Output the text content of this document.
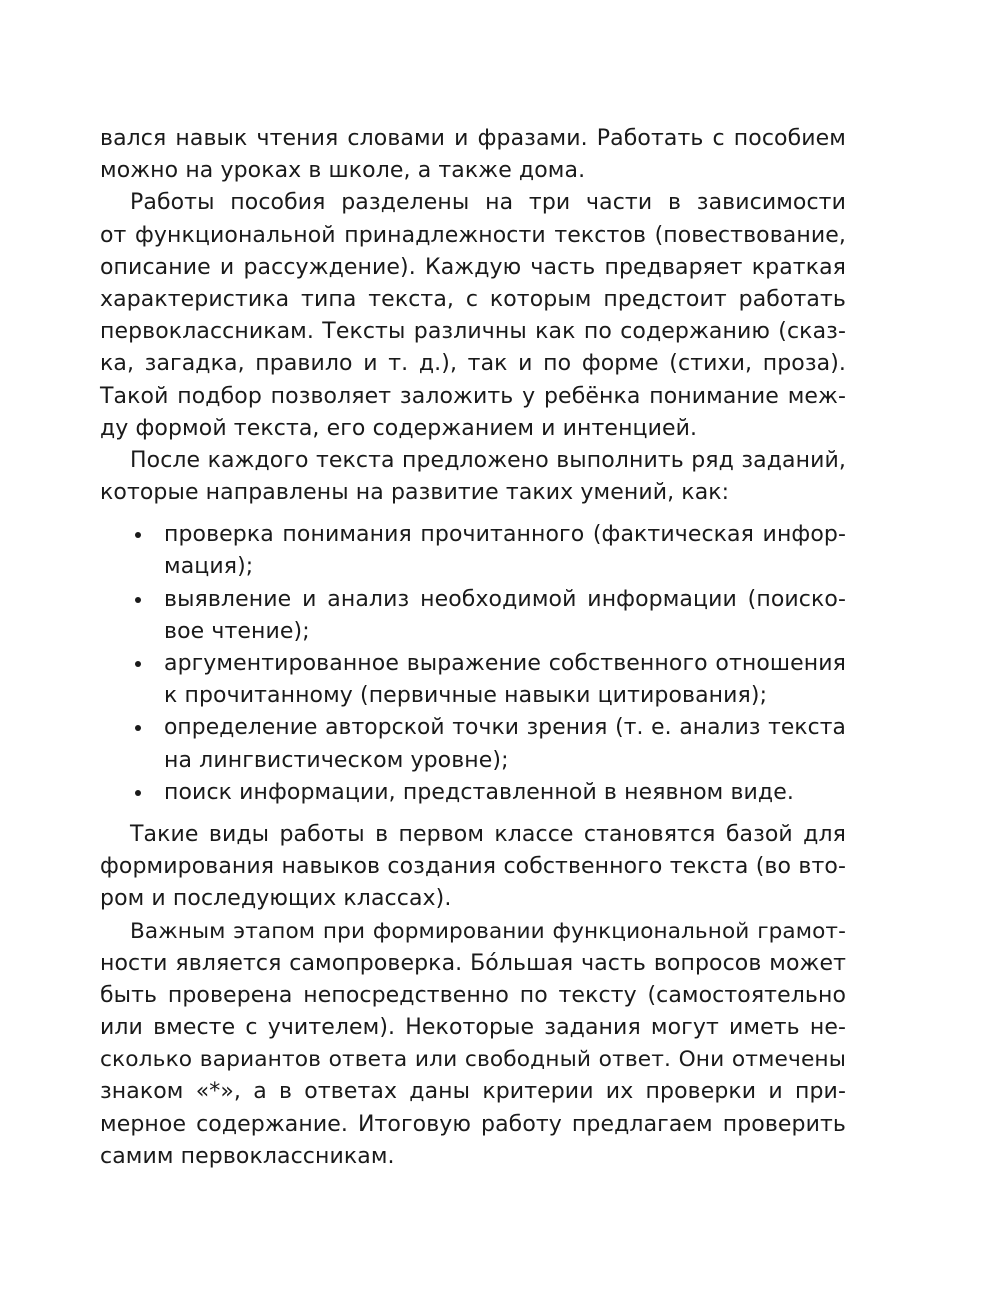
вался навык чтения словами и фразами. Работать с пособием
можно на уроках в школе, а также дома.
Работы пособия разделены на три части в зависимости
от функциональной принадлежности текстов (повествование,
описание и рассуждение). Каждую часть предваряет краткая
характеристика типа текста, с которым предстоит работать
первоклассникам. Тексты различны как по содержанию (сказ-
ка, загадка, правило и т. д.), так и по форме (стихи, проза).
Такой подбор позволяет заложить у ребёнка понимание меж-
ду формой текста, его содержанием и интенцией.
После каждого текста предложено выполнить ряд заданий,
которые направлены на развитие таких умений, как:
проверка понимания прочитанного (фактическая инфор-
мация);
выявление и анализ необходимой информации (поиско-
вое чтение);
аргументированное выражение собственного отношения
к прочитанному (первичные навыки цитирования);
определение авторской точки зрения (т. е. анализ текста
на лингвистическом уровне);
поиск информации, представленной в неявном виде.
Такие виды работы в первом классе становятся базой для
формирования навыков создания собственного текста (во вто-
ром и последующих классах).
Важным этапом при формировании функциональной грамот-
ности является самопроверка. Бо́льшая часть вопросов может
быть проверена непосредственно по тексту (самостоятельно
или вместе с учителем). Некоторые задания могут иметь не-
сколько вариантов ответа или свободный ответ. Они отмечены
знаком «*», а в ответах даны критерии их проверки и при-
мерное содержание. Итоговую работу предлагаем проверить
самим первоклассникам.
